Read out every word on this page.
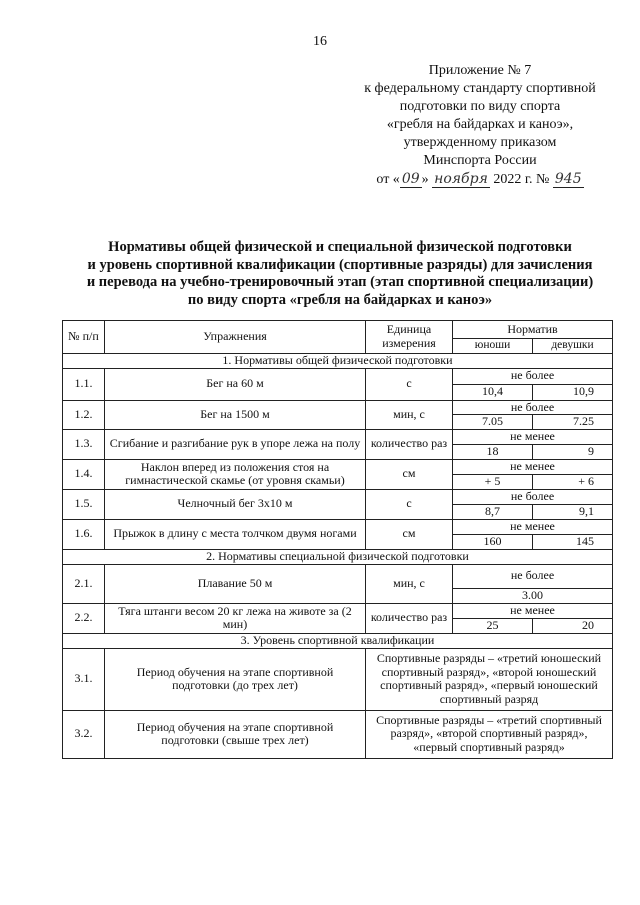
16
Приложение № 7
к федеральному стандарту спортивной
подготовки по виду спорта
«гребля на байдарках и каноэ»,
утвержденному приказом
Минспорта России
от « 09 » ноября 2022 г. № 945
Нормативы общей физической и специальной физической подготовки
и уровень спортивной квалификации (спортивные разряды) для зачисления
и перевода на учебно-тренировочный этап (этап спортивной специализации)
по виду спорта «гребля на байдарках и каноэ»
№ п/п	Упражнения	Единица измерения	Норматив	
			юноши	девушки
1. Нормативы общей физической подготовки				
1.1.	Бег на 60 м	с	не более	
			10,4	10,9
1.2.	Бег на 1500 м	мин, с	не более	
			7.05	7.25
1.3.	Сгибание и разгибание рук в упоре лежа на полу	количество раз	не менее	
			18	9
1.4.	Наклон вперед из положения стоя на гимнастической скамье (от уровня скамьи)	см	не менее	
			+ 5	+ 6
1.5.	Челночный бег 3х10 м	с	не более	
			8,7	9,1
1.6.	Прыжок в длину с места толчком двумя ногами	см	не менее	
			160	145
2. Нормативы специальной физической подготовки				
2.1.	Плавание 50 м	мин, с	не более	
			3.00	
2.2.	Тяга штанги весом 20 кг лежа на животе за (2 мин)	количество раз	не менее	
			25	20
3. Уровень спортивной квалификации				
3.1.	Период обучения на этапе спортивной подготовки (до трех лет)	Спортивные разряды – «третий юношеский спортивный разряд», «второй юношеский спортивный разряд», «первый юношеский спортивный разряд		
3.2.	Период обучения на этапе спортивной подготовки (свыше трех лет)	Спортивные разряды – «третий спортивный разряд», «второй спортивный разряд», «первый спортивный разряд»		
